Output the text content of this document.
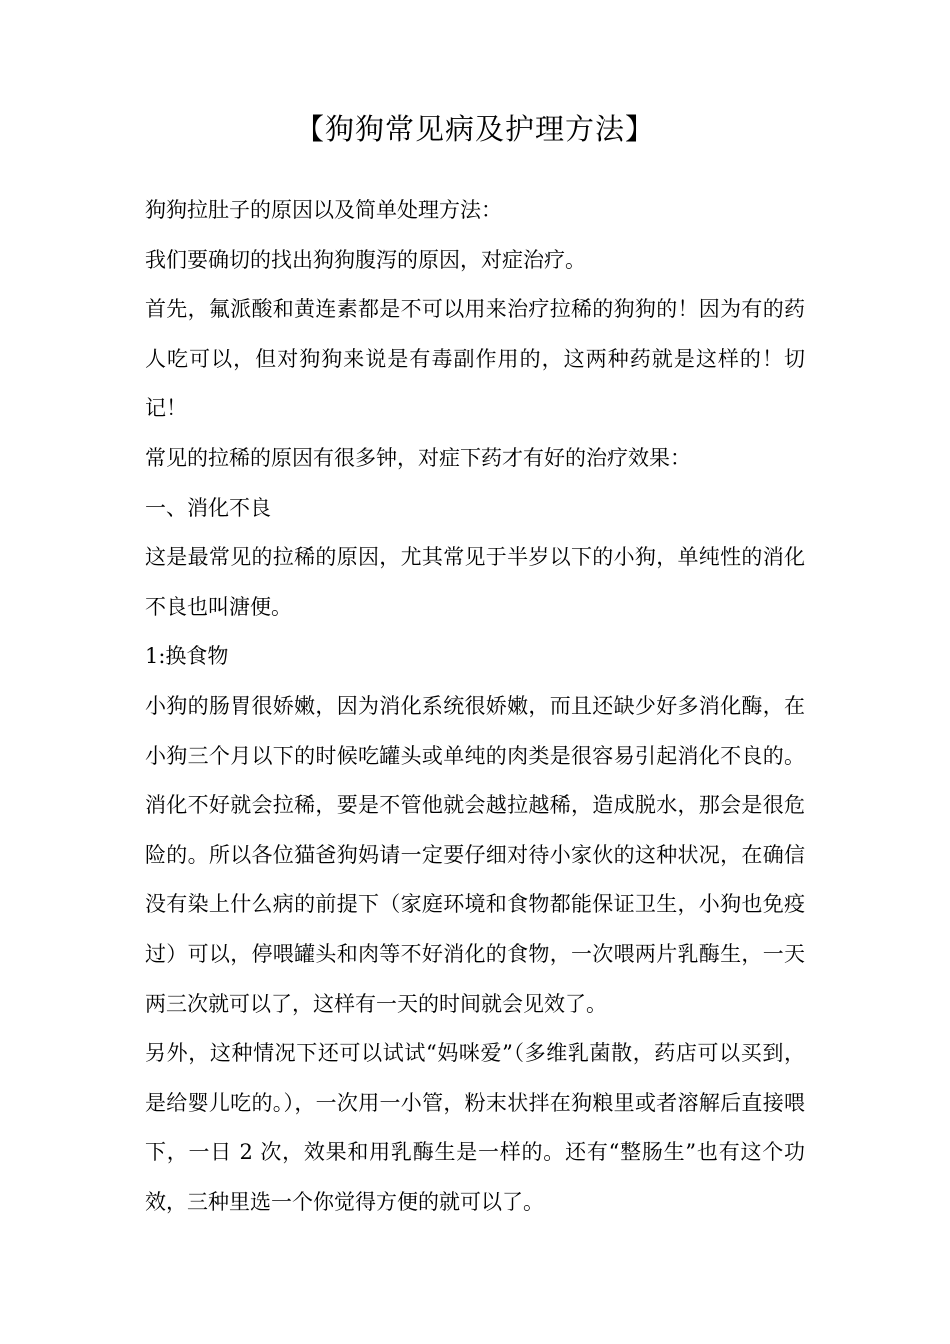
【狗狗常见病及护理方法】

狗狗拉肚子的原因以及简单处理方法：

我们要确切的找出狗狗腹泻的原因，对症治疗。

首先，氟派酸和黄连素都是不可以用来治疗拉稀的狗狗的！因为有的药人吃可以，但对狗狗来说是有毒副作用的，这两种药就是这样的！切记！

常见的拉稀的原因有很多钟，对症下药才有好的治疗效果：

一、消化不良

这是最常见的拉稀的原因，尤其常见于半岁以下的小狗，单纯性的消化不良也叫溏便。

1:换食物

小狗的肠胃很娇嫩，因为消化系统很娇嫩，而且还缺少好多消化酶，在小狗三个月以下的时候吃罐头或单纯的肉类是很容易引起消化不良的。消化不好就会拉稀，要是不管他就会越拉越稀，造成脱水，那会是很危险的。所以各位猫爸狗妈请一定要仔细对待小家伙的这种状况，在确信没有染上什么病的前提下（家庭环境和食物都能保证卫生，小狗也免疫过）可以，停喂罐头和肉等不好消化的食物，一次喂两片乳酶生，一天两三次就可以了，这样有一天的时间就会见效了。

另外，这种情况下还可以试试“妈咪爱”（多维乳菌散，药店可以买到，是给婴儿吃的。），一次用一小管，粉末状拌在狗粮里或者溶解后直接喂下，一日 2 次，效果和用乳酶生是一样的。还有“整肠生”也有这个功效，三种里选一个你觉得方便的就可以了。
